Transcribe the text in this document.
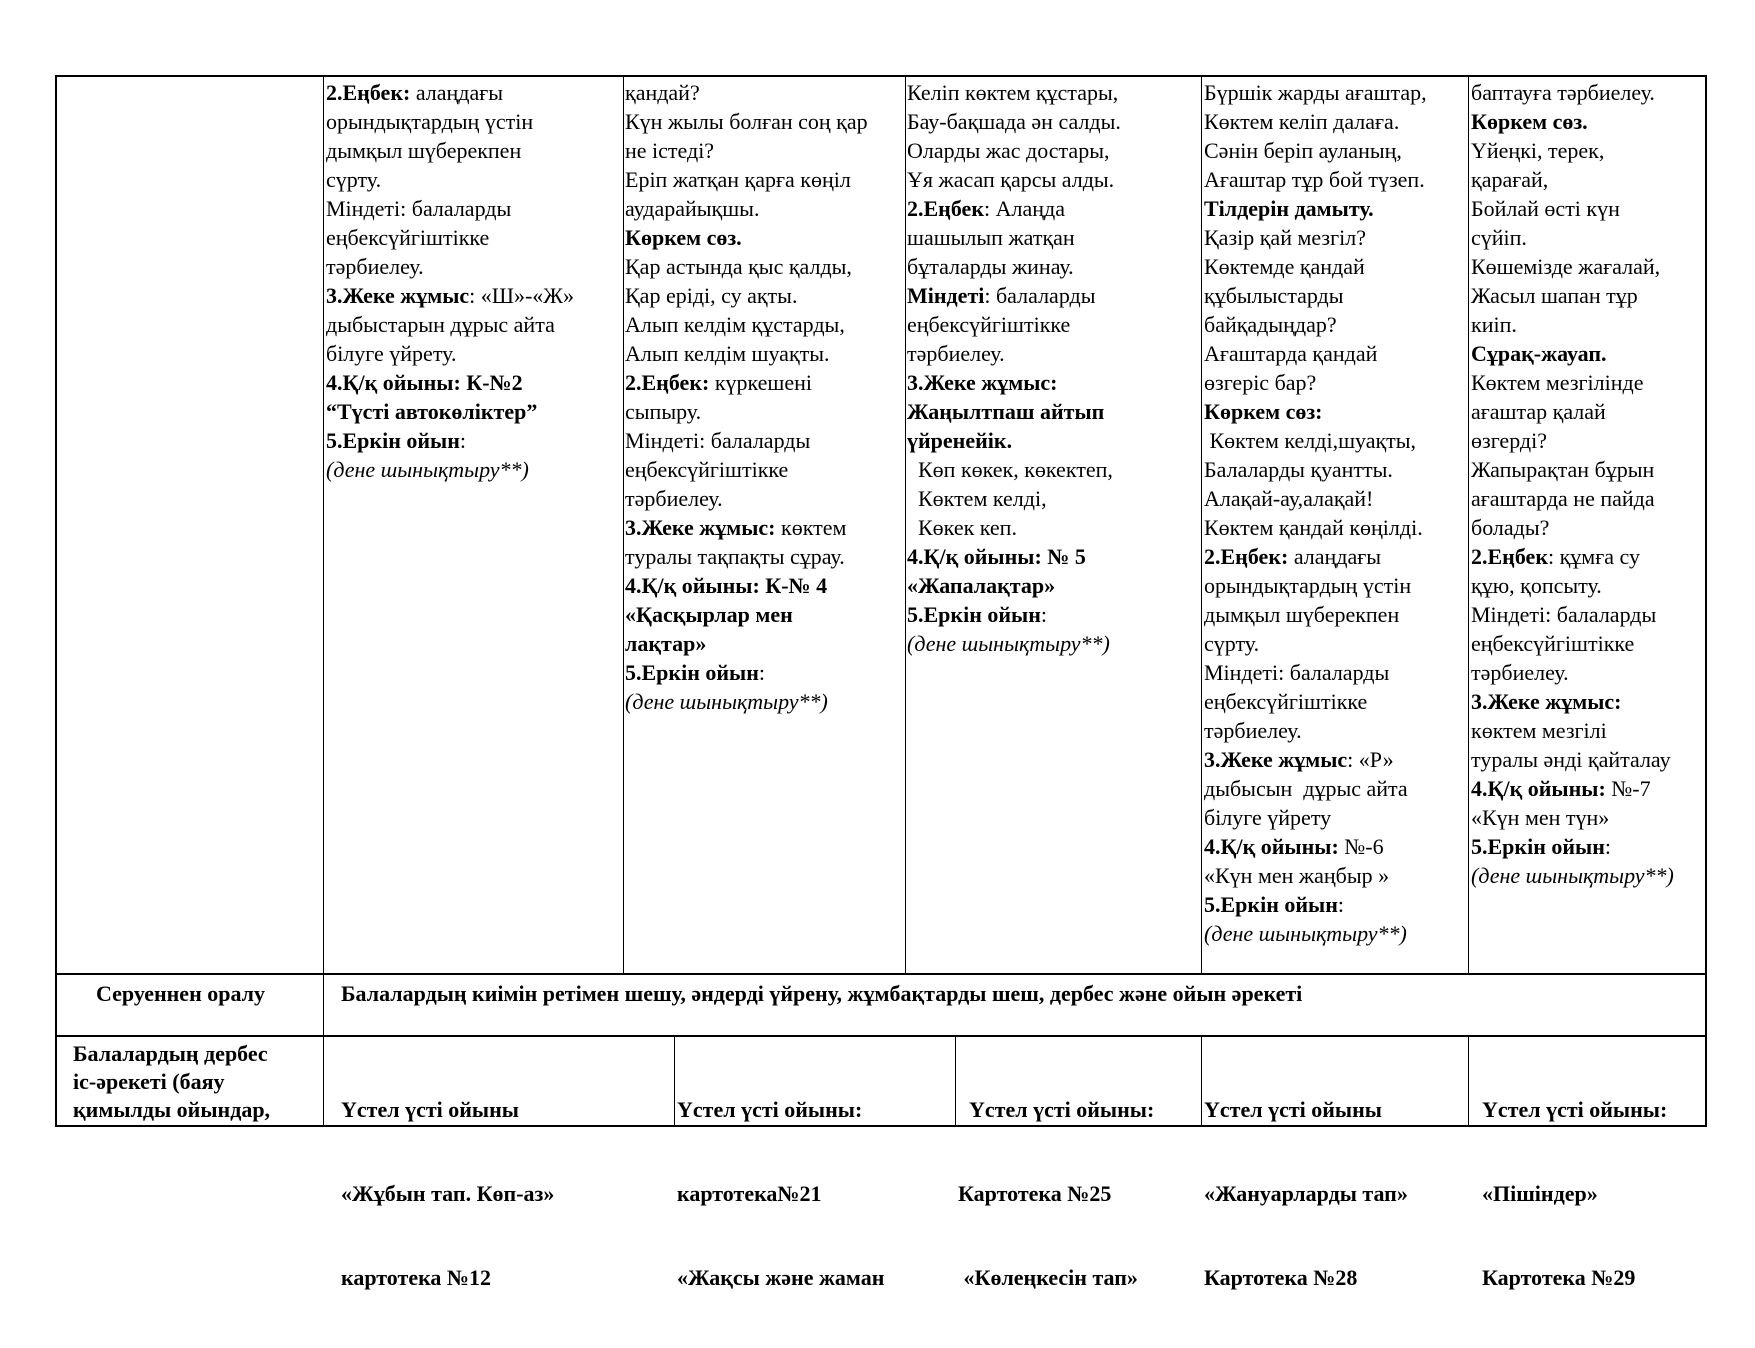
2.Еңбек: алаңдағы
орындықтардың үстін
дымқыл шүберекпен
сүрту.
Міндеті: балаларды
еңбексүйгіштікке
тәрбиелеу.
3.Жеке жұмыс: «Ш»-«Ж»
дыбыстарын дұрыс айта
білуге үйрету.
4.Қ/қ ойыны: К-№2
“Түсті автокөліктер”
5.Еркін ойын:
(дене шынықтыру**)
қандай?
Күн жылы болған соң қар
не істеді?
Еріп жатқан қарға көңіл
аударайықшы.
Көркем сөз.
Қар астында қыс қалды,
Қар еріді, су ақты.
Алып келдім құстарды,
Алып келдім шуақты.
2.Еңбек: күркешені
сыпыру.
Міндеті: балаларды
еңбексүйгіштікке
тәрбиелеу.
3.Жеке жұмыс: көктем
туралы тақпақты сұрау.
4.Қ/қ ойыны: К-№ 4
«Қасқырлар мен
лақтар»
5.Еркін ойын:
(дене шынықтыру**)
Келіп көктем құстары,
Бау-бақшада ән салды.
Оларды жас достары,
Ұя жасап қарсы алды.
2.Еңбек: Алаңда
шашылып жатқан
бұталарды жинау.
Міндеті: балаларды
еңбексүйгіштікке
тәрбиелеу.
3.Жеке жұмыс:
Жаңылтпаш айтып
үйренейік.
Көп көкек, көкектеп,
Көктем келді,
Көкек кеп.
4.Қ/қ ойыны: № 5
«Жапалақтар»
5.Еркін ойын:
(дене шынықтыру**)
Бүршік жарды ағаштар,
Көктем келіп далаға.
Сәнін беріп ауланың,
Ағаштар тұр бой түзеп.
Тілдерін дамыту.
Қазір қай мезгіл?
Көктемде қандай
құбылыстарды
байқадыңдар?
Ағаштарда қандай
өзгеріс бар?
Көркем сөз:
Көктем келді,шуақты,
Балаларды қуантты.
Алақай-ау,алақай!
Көктем қандай көңілді.
2.Еңбек: алаңдағы
орындықтардың үстін
дымқыл шүберекпен
сүрту.
Міндеті: балаларды
еңбексүйгіштікке
тәрбиелеу.
3.Жеке жұмыс: «Р»
дыбысын  дұрыс айта
білуге үйрету
4.Қ/қ ойыны: №-6
«Күн мен жаңбыр »
5.Еркін ойын:
(дене шынықтыру**)
баптауға тәрбиелеу.
Көркем сөз.
Үйеңкі, терек,
қарағай,
Бойлай өсті күн
сүйіп.
Көшемізде жағалай,
Жасыл шапан тұр
киіп.
Сұрақ-жауап.
Көктем мезгілінде
ағаштар қалай
өзгерді?
Жапырақтан бұрын
ағаштарда не пайда
болады?
2.Еңбек: құмға су
құю, қопсыту.
Міндеті: балаларды
еңбексүйгіштікке
тәрбиелеу.
3.Жеке жұмыс:
көктем мезгілі
туралы әнді қайталау
4.Қ/қ ойыны: №-7
«Күн мен түн»
5.Еркін ойын:
(дене шынықтыру**)
Серуеннен оралу	Балалардың киімін ретімен шешу, әндерді үйрену, жұмбақтарды шеш, дербес және ойын әрекеті
Балалардың дербес
іс-әрекеті (баяу
қимылды ойындар,

	Үстел үсті ойыны

«Жұбын тап. Көп-аз»

картотека №12

Үстел үсті ойыны:

картотека№21

«Жақсы және жаман

Үстел үсті ойыны:

Картотека №25

«Көлеңкесін тап»

Үстел үсті ойыны

«Жануарларды тап»

Картотека №28

Үстел үсті ойыны:

«Пішіндер»

Картотека №29
